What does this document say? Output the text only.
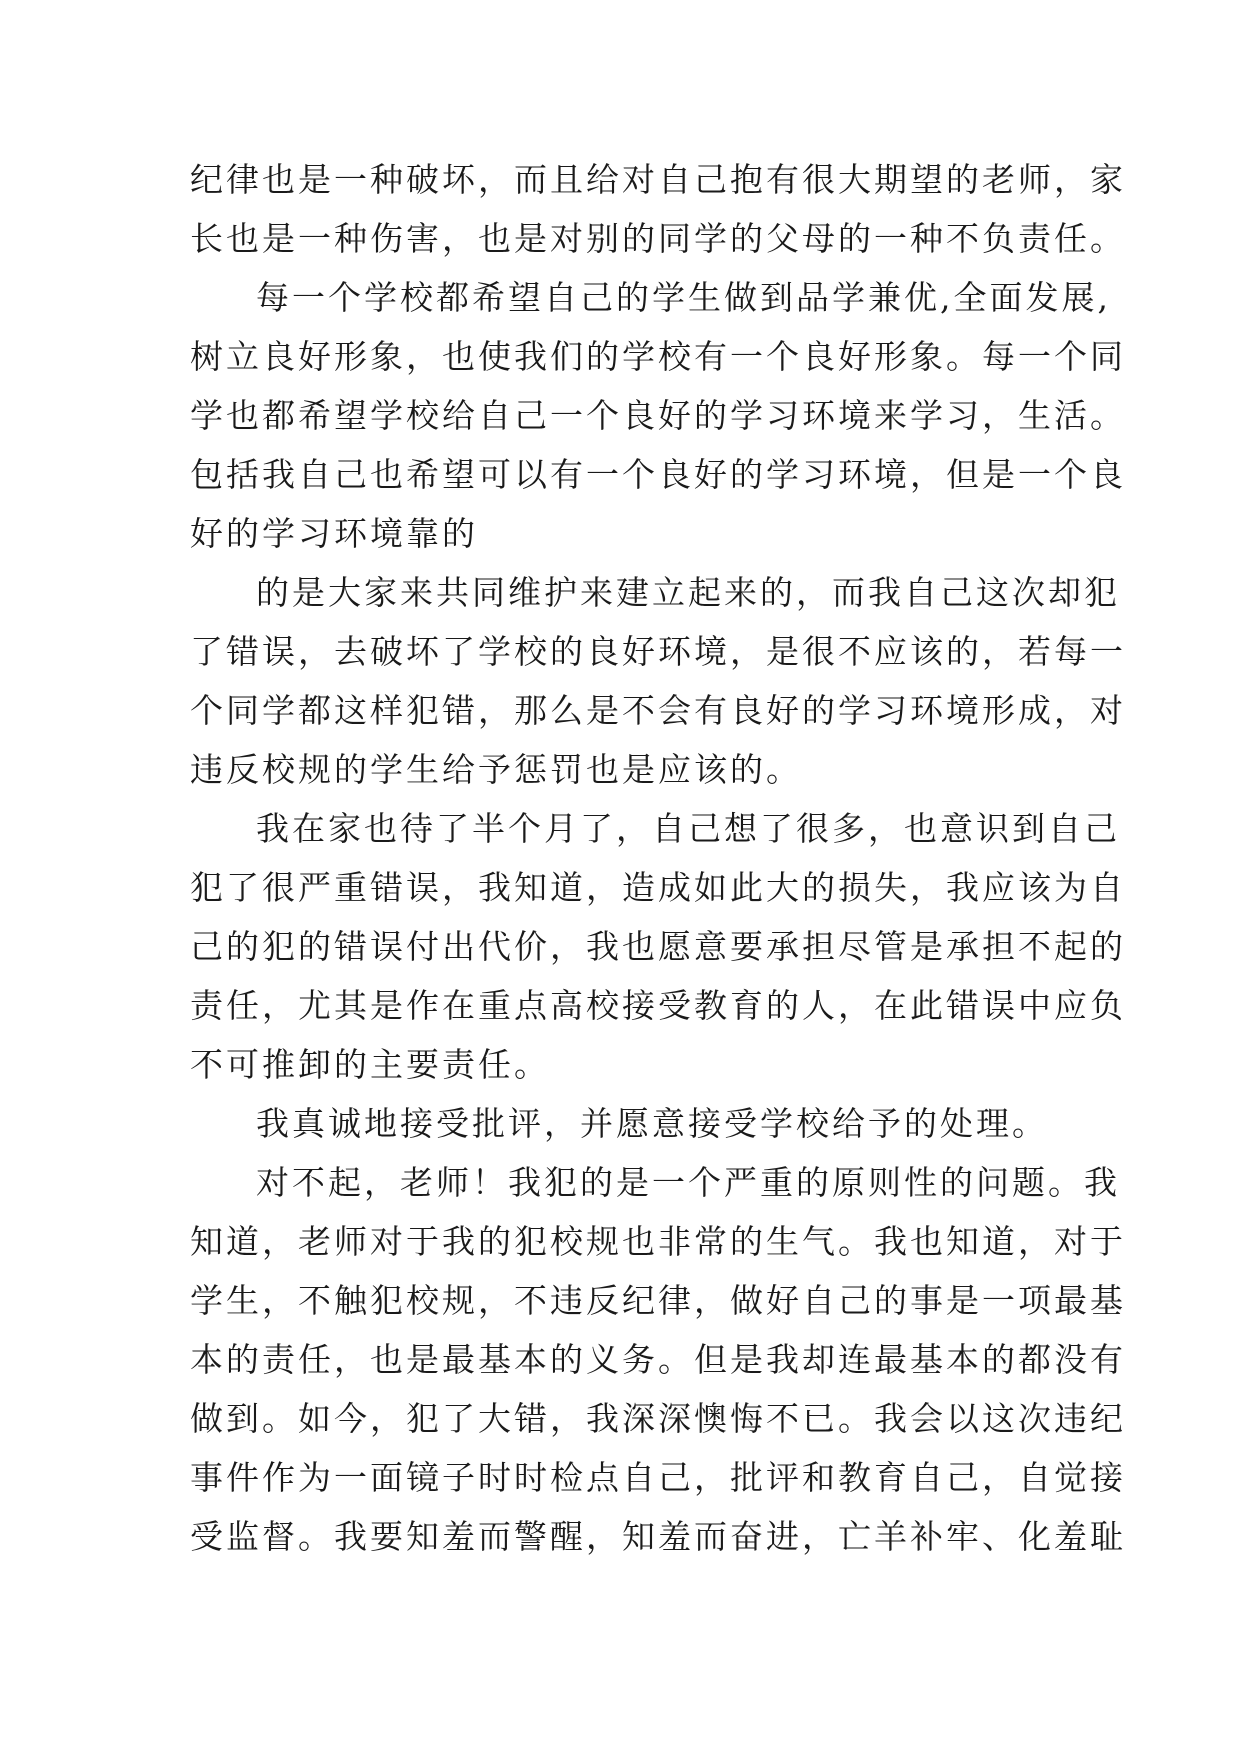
纪律也是一种破坏，而且给对自己抱有很大期望的老师，家
长也是一种伤害，也是对别的同学的父母的一种不负责任。
每一个学校都希望自己的学生做到品学兼优,全面发展,
树立良好形象，也使我们的学校有一个良好形象。每一个同
学也都希望学校给自己一个良好的学习环境来学习，生活。
包括我自己也希望可以有一个良好的学习环境，但是一个良
好的学习环境靠的
的是大家来共同维护来建立起来的，而我自己这次却犯
了错误，去破坏了学校的良好环境，是很不应该的，若每一
个同学都这样犯错，那么是不会有良好的学习环境形成，对
违反校规的学生给予惩罚也是应该的。
我在家也待了半个月了，自己想了很多，也意识到自己
犯了很严重错误，我知道，造成如此大的损失，我应该为自
己的犯的错误付出代价，我也愿意要承担尽管是承担不起的
责任，尤其是作在重点高校接受教育的人，在此错误中应负
不可推卸的主要责任。
我真诚地接受批评，并愿意接受学校给予的处理。
对不起，老师！我犯的是一个严重的原则性的问题。我
知道，老师对于我的犯校规也非常的生气。我也知道，对于
学生，不触犯校规，不违反纪律，做好自己的事是一项最基
本的责任，也是最基本的义务。但是我却连最基本的都没有
做到。如今，犯了大错，我深深懊悔不已。我会以这次违纪
事件作为一面镜子时时检点自己，批评和教育自己，自觉接
受监督。我要知羞而警醒，知羞而奋进，亡羊补牢、化羞耻
